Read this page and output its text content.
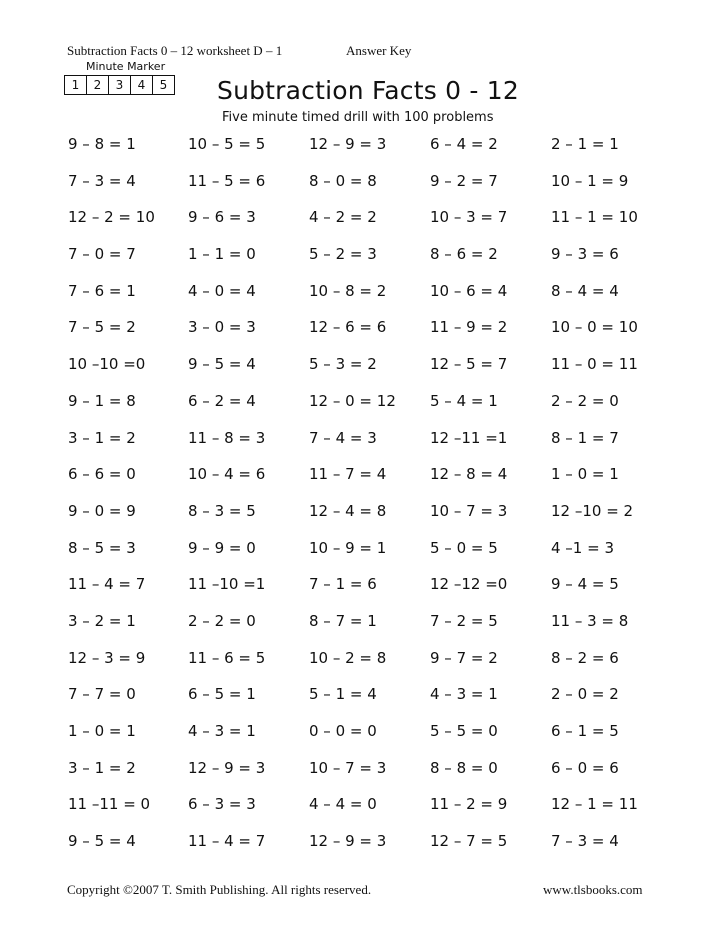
Subtraction Facts 0 – 12 worksheet D – 1	Answer Key
Minute Marker
1	2	3	4	5 Subtraction Facts 0 - 12
Five minute timed drill with 100 problems
9 – 8 = 1	10 – 5 = 5	12 – 9 = 3	6 – 4 = 2	2 – 1 = 1
7 – 3 = 4	11 – 5 = 6	8 – 0 = 8	9 – 2 = 7	10 – 1 = 9
12 – 2 = 10	9 – 6 = 3	4 – 2 = 2	10 – 3 = 7	11 – 1 = 10
7 – 0 = 7	1 – 1 = 0	5 – 2 = 3	8 – 6 = 2	9 – 3 = 6
7 – 6 = 1	4 – 0 = 4	10 – 8 = 2	10 – 6 = 4	8 – 4 = 4
7 – 5 = 2	3 – 0 = 3	12 – 6 = 6	11 – 9 = 2	10 – 0 = 10
10 –10 =0	9 – 5 = 4	5 – 3 = 2	12 – 5 = 7	11 – 0 = 11
9 – 1 = 8	6 – 2 = 4	12 – 0 = 12	5 – 4 = 1	2 – 2 = 0
3 – 1 = 2	11 – 8 = 3	7 – 4 = 3	12 –11 =1	8 – 1 = 7
6 – 6 = 0	10 – 4 = 6	11 – 7 = 4	12 – 8 = 4	1 – 0 = 1
9 – 0 = 9	8 – 3 = 5	12 – 4 = 8	10 – 7 = 3	12 –10 = 2
8 – 5 = 3	9 – 9 = 0	10 – 9 = 1	5 – 0 = 5	4 –1 = 3
11 – 4 = 7	11 –10 =1	7 – 1 = 6	12 –12 =0	9 – 4 = 5
3 – 2 = 1	2 – 2 = 0	8 – 7 = 1	7 – 2 = 5	11 – 3 = 8
12 – 3 = 9	11 – 6 = 5	10 – 2 = 8	9 – 7 = 2	8 – 2 = 6
7 – 7 = 0	6 – 5 = 1	5 – 1 = 4	4 – 3 = 1	2 – 0 = 2
1 – 0 = 1	4 – 3 = 1	0 – 0 = 0	5 – 5 = 0	6 – 1 = 5
3 – 1 = 2	12 – 9 = 3	10 – 7 = 3	8 – 8 = 0	6 – 0 = 6
11 –11 = 0	6 – 3 = 3	4 – 4 = 0	11 – 2 = 9	12 – 1 = 11
9 – 5 = 4	11 – 4 = 7	12 – 9 = 3	12 – 7 = 5	7 – 3 = 4
Copyright ©2007 T. Smith Publishing. All rights reserved.	www.tlsbooks.com
